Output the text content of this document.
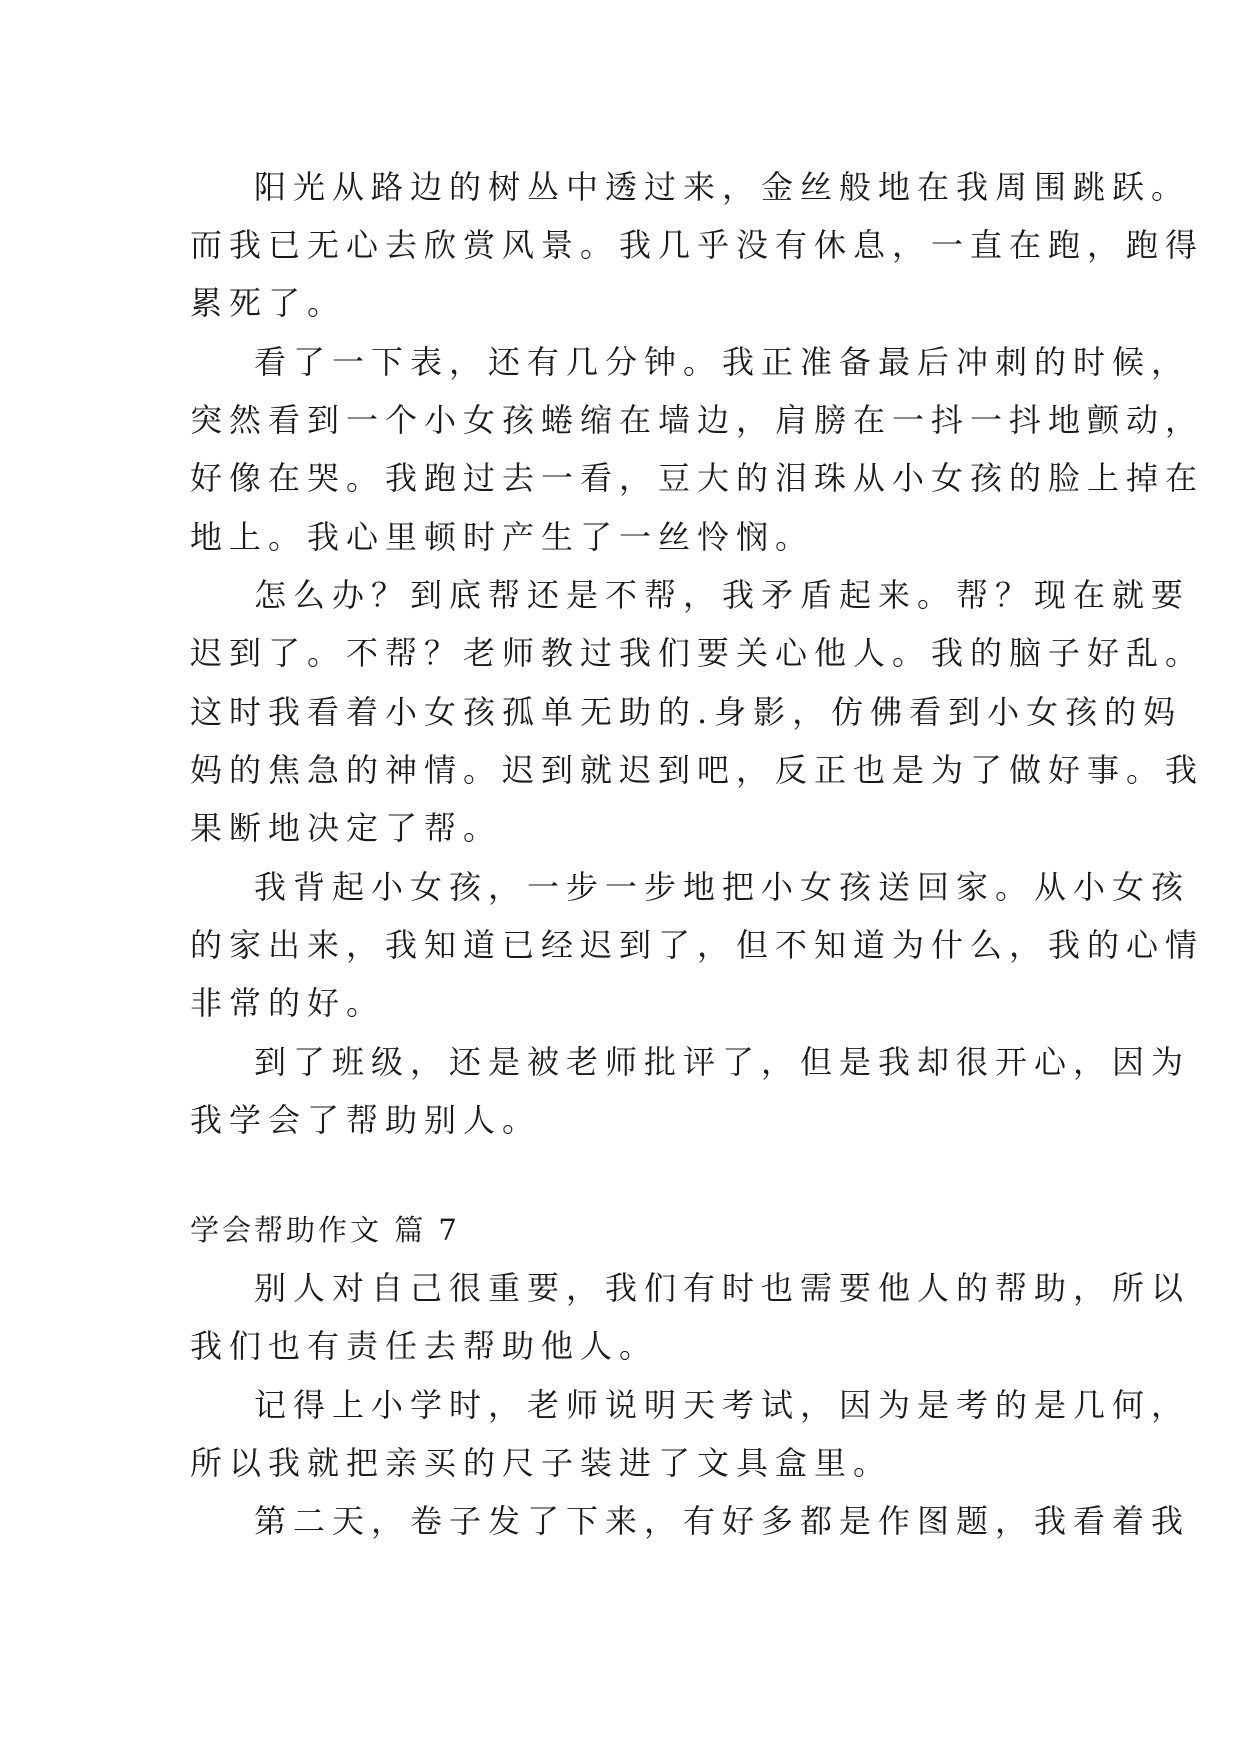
阳光从路边的树丛中透过来，金丝般地在我周围跳跃。
而我已无心去欣赏风景。我几乎没有休息，一直在跑，跑得
累死了。
看了一下表，还有几分钟。我正准备最后冲刺的时候，
突然看到一个小女孩蜷缩在墙边，肩膀在一抖一抖地颤动，
好像在哭。我跑过去一看，豆大的泪珠从小女孩的脸上掉在
地上。我心里顿时产生了一丝怜悯。
怎么办？到底帮还是不帮，我矛盾起来。帮？现在就要
迟到了。不帮？老师教过我们要关心他人。我的脑子好乱。
这时我看着小女孩孤单无助的.身影，仿佛看到小女孩的妈
妈的焦急的神情。迟到就迟到吧，反正也是为了做好事。我
果断地决定了帮。
我背起小女孩，一步一步地把小女孩送回家。从小女孩
的家出来，我知道已经迟到了，但不知道为什么，我的心情
非常的好。
到了班级，还是被老师批评了，但是我却很开心，因为
我学会了帮助别人。
学会帮助作文 篇 7
别人对自己很重要，我们有时也需要他人的帮助，所以
我们也有责任去帮助他人。
记得上小学时，老师说明天考试，因为是考的是几何，
所以我就把亲买的尺子装进了文具盒里。
第二天，卷子发了下来，有好多都是作图题，我看着我
